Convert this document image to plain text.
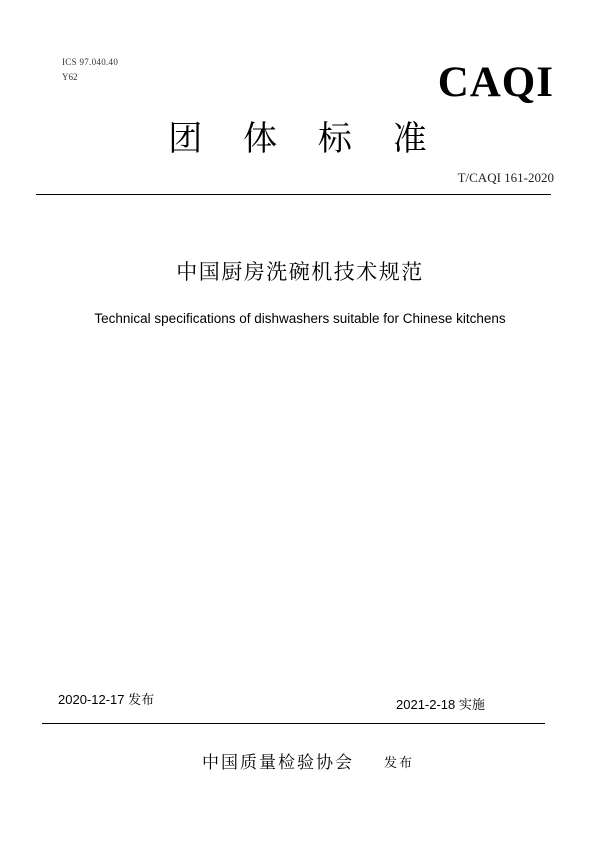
ICS 97.040.40
Y62	CAQI
团 体 标 准
T/CAQI 161-2020
中国厨房洗碗机技术规范
Technical specifications of dishwashers suitable for Chinese kitchens
2020-12-17 发布	2021-2-18 实施
中国质量检验协会 发布
